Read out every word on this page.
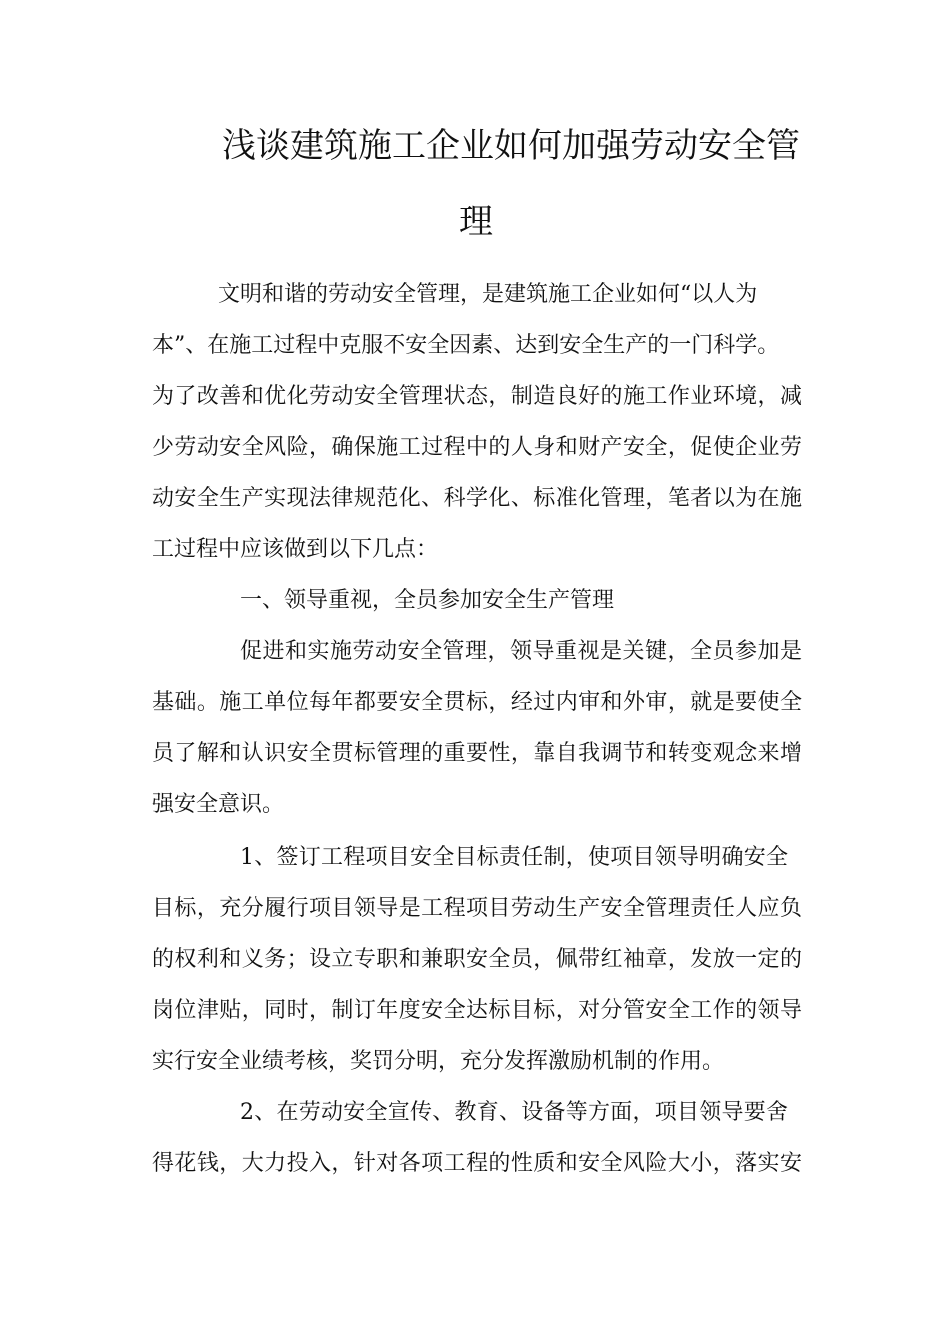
浅谈建筑施工企业如何加强劳动安全管
理
文明和谐的劳动安全管理，是建筑施工企业如何“以人为
本”、在施工过程中克服不安全因素、达到安全生产的一门科学。
为了改善和优化劳动安全管理状态，制造良好的施工作业环境，减
少劳动安全风险，确保施工过程中的人身和财产安全，促使企业劳
动安全生产实现法律规范化、科学化、标准化管理，笔者以为在施
工过程中应该做到以下几点：
一、领导重视，全员参加安全生产管理
促进和实施劳动安全管理，领导重视是关键，全员参加是
基础。施工单位每年都要安全贯标，经过内审和外审，就是要使全
员了解和认识安全贯标管理的重要性，靠自我调节和转变观念来增
强安全意识。
1、签订工程项目安全目标责任制，使项目领导明确安全
目标，充分履行项目领导是工程项目劳动生产安全管理责任人应负
的权利和义务；设立专职和兼职安全员，佩带红袖章，发放一定的
岗位津贴，同时，制订年度安全达标目标，对分管安全工作的领导
实行安全业绩考核，奖罚分明，充分发挥激励机制的作用。
2、在劳动安全宣传、教育、设备等方面，项目领导要舍
得花钱，大力投入，针对各项工程的性质和安全风险大小，落实安
